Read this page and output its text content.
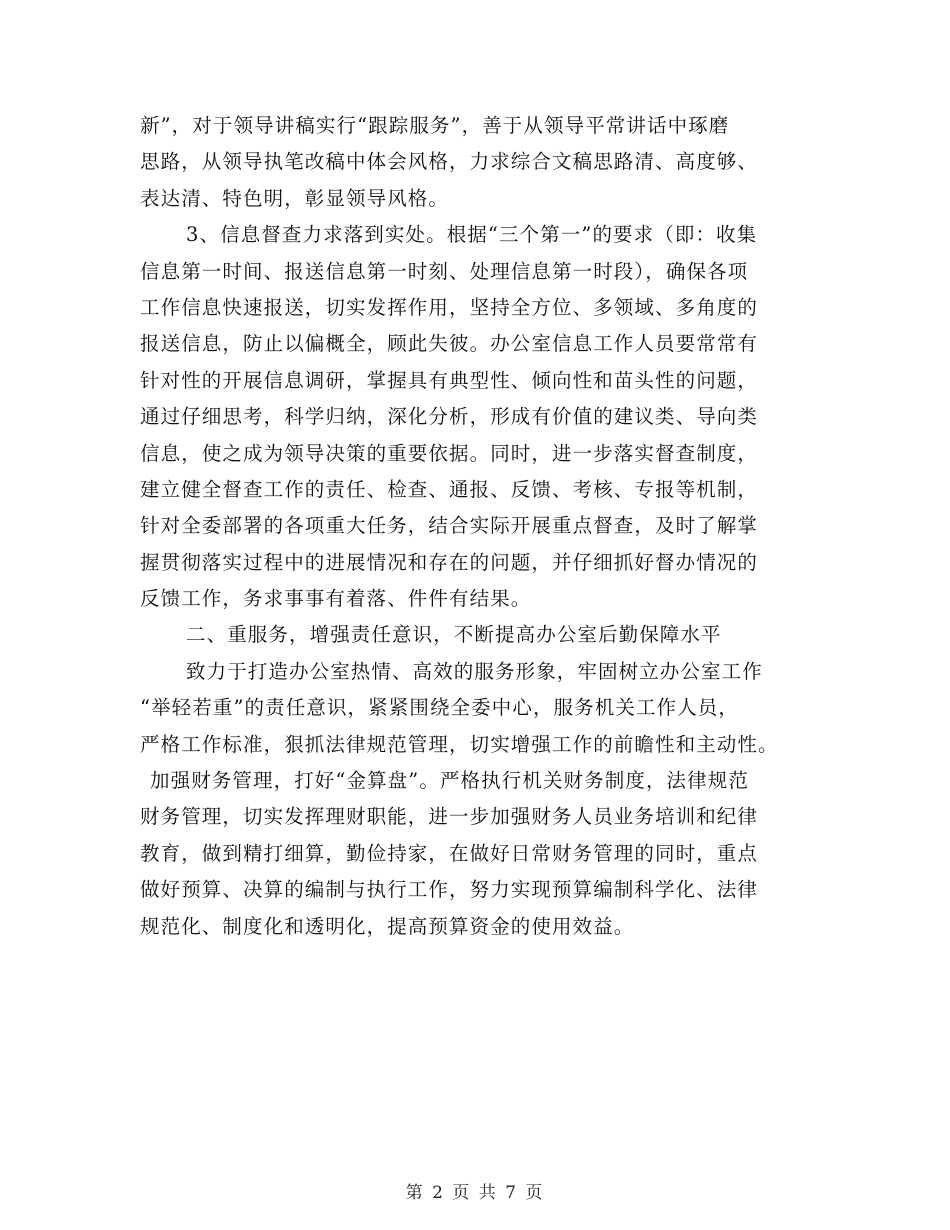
新”，对于领导讲稿实行“跟踪服务”，善于从领导平常讲话中琢磨
思路，从领导执笔改稿中体会风格，力求综合文稿思路清、高度够、
表达清、特色明，彰显领导风格。
3、信息督查力求落到实处。根据“三个第一”的要求（即：收集
信息第一时间、报送信息第一时刻、处理信息第一时段），确保各项
工作信息快速报送，切实发挥作用，坚持全方位、多领域、多角度的
报送信息，防止以偏概全，顾此失彼。办公室信息工作人员要常常有
针对性的开展信息调研，掌握具有典型性、倾向性和苗头性的问题，
通过仔细思考，科学归纳，深化分析，形成有价值的建议类、导向类
信息，使之成为领导决策的重要依据。同时，进一步落实督查制度，
建立健全督查工作的责任、检查、通报、反馈、考核、专报等机制，
针对全委部署的各项重大任务，结合实际开展重点督查，及时了解掌
握贯彻落实过程中的进展情况和存在的问题，并仔细抓好督办情况的
反馈工作，务求事事有着落、件件有结果。
二、重服务，增强责任意识，不断提高办公室后勤保障水平
致力于打造办公室热情、高效的服务形象，牢固树立办公室工作
“举轻若重”的责任意识，紧紧围绕全委中心，服务机关工作人员，
严格工作标准，狠抓法律规范管理，切实增强工作的前瞻性和主动性。
加强财务管理，打好“金算盘”。严格执行机关财务制度，法律规范
财务管理，切实发挥理财职能，进一步加强财务人员业务培训和纪律
教育，做到精打细算，勤俭持家，在做好日常财务管理的同时，重点
做好预算、决算的编制与执行工作，努力实现预算编制科学化、法律
规范化、制度化和透明化，提高预算资金的使用效益。
第 2 页 共 7 页
